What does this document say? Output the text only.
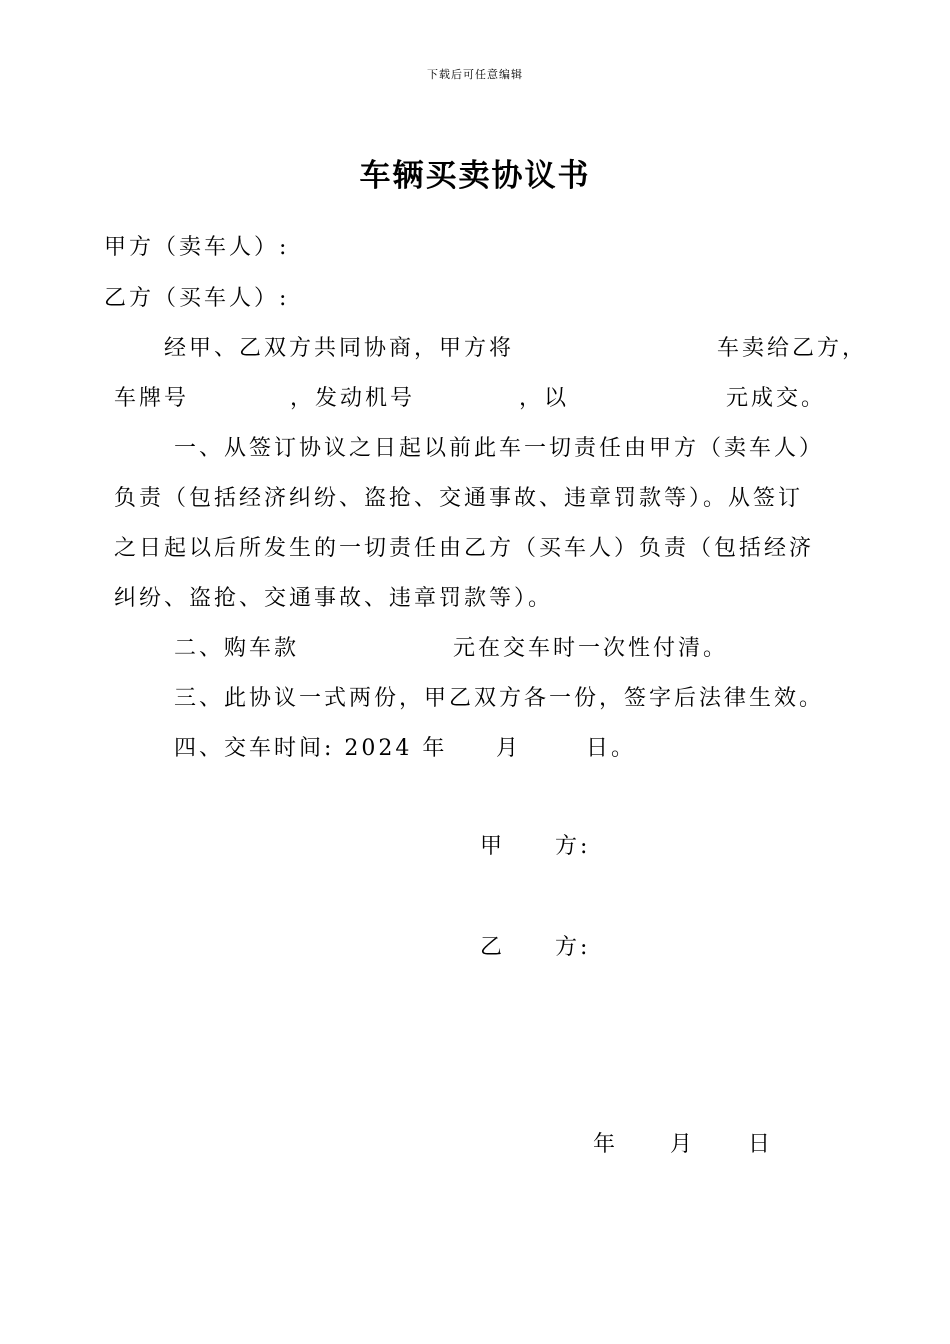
下载后可任意编辑
车辆买卖协议书
甲方（卖车人）:
乙方（买车人）:
经甲、乙双方共同协商，甲方将	车卖给乙方，
车牌号	，发动机号	，以	元成交。
一、从签订协议之日起以前此车一切责任由甲方（卖车人）
负责（包括经济纠纷、盗抢、交通事故、违章罚款等）。从签订
之日起以后所发生的一切责任由乙方（买车人）负责（包括经济
纠纷、盗抢、交通事故、违章罚款等）。
二、购车款	元在交车时一次性付清。
三、此协议一式两份，甲乙双方各一份，签字后法律生效。
四、交车时间: 2024 年 月	日。
甲 方:
乙 方:
年 月 日
